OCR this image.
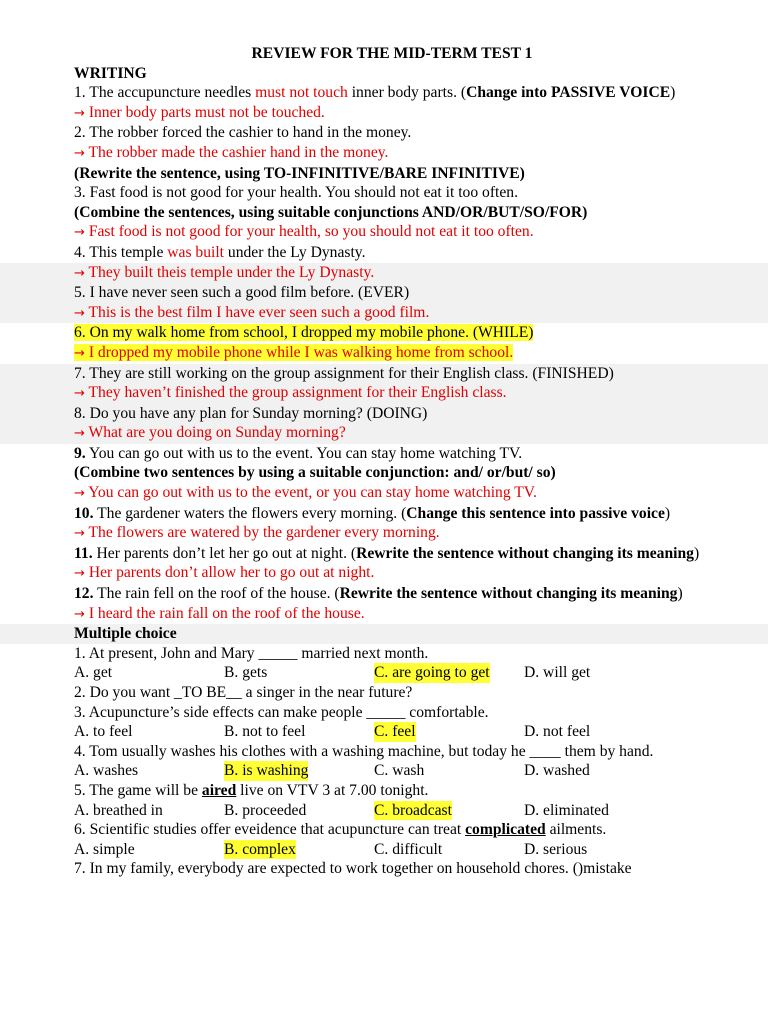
REVIEW FOR THE MID-TERM TEST 1
WRITING
1. The accupuncture needles must not touch inner body parts. (Change into PASSIVE VOICE)
→ Inner body parts must not be touched.
2. The robber forced the cashier to hand in the money.
→ The robber made the cashier hand in the money.
(Rewrite the sentence, using TO-INFINITIVE/BARE INFINITIVE)
3. Fast food is not good for your health. You should not eat it too often.
(Combine the sentences, using suitable conjunctions AND/OR/BUT/SO/FOR)
→ Fast food is not good for your health, so you should not eat it too often.
4. This temple was built under the Ly Dynasty.
→ They built theis temple under the Ly Dynasty.
5. I have never seen such a good film before. (EVER)
→ This is the best film I have ever seen such a good film.
6. On my walk home from school, I dropped my mobile phone. (WHILE)
→ I dropped my mobile phone while I was walking home from school.
7. They are still working on the group assignment for their English class. (FINISHED)
→ They haven’t finished the group assignment for their English class.
8. Do you have any plan for Sunday morning? (DOING)
→ What are you doing on Sunday morning?
9. You can go out with us to the event. You can stay home watching TV.
(Combine two sentences by using a suitable conjunction: and/ or/but/ so)
→ You can go out with us to the event, or you can stay home watching TV.
10. The gardener waters the flowers every morning. (Change this sentence into passive voice)
→ The flowers are watered by the gardener every morning.
11. Her parents don’t let her go out at night. (Rewrite the sentence without changing its meaning)
→ Her parents don’t allow her to go out at night.
12. The rain fell on the roof of the house. (Rewrite the sentence without changing its meaning)
→ I heard the rain fall on the roof of the house.
Multiple choice
1. At present, John and Mary _____ married next month.
A. get	B. gets	C. are going to get	D. will get
2. Do you want _TO BE__ a singer in the near future?
3. Acupuncture’s side effects can make people _____ comfortable.
A. to feel	B. not to feel	C. feel	D. not feel
4. Tom usually washes his clothes with a washing machine, but today he ____ them by hand.
A. washes	B. is washing	C. wash	D. washed
5. The game will be aired live on VTV 3 at 7.00 tonight.
A. breathed in	B. proceeded	C. broadcast	D. eliminated
6. Scientific studies offer eveidence that acupuncture can treat complicated ailments.
A. simple	B. complex	C. difficult	D. serious
7. In my family, everybody are expected to work together on household chores. ()mistake
